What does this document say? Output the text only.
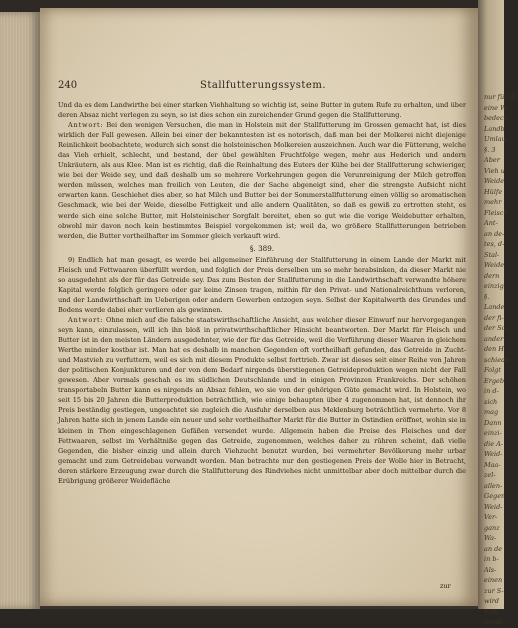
nur für ih-
eine W-
bedeck-
Landb-
Umlau-
§. 3
Aber
Vieh u-
Weide
Hülfe
mehr
Fleisch
Ant-
an de-
tes, d-
Stal-
Weide
dern
einzig
§.
Lande
der fi-
der So-
ander
den H-
schiede
Folgt
Ergeb
in d-
sich
mag
Dann
einzi-
die A-
Weid-
Maa-
zel-
allen-
Gegen
Weid-
Ver-
ganz
Wa-
an de
in b-
Als-
einen
zur S-
wird
Vieh
wend-
240	Stallfutterungssystem.

Und da es dem Landwirthe bei einer starken Viehhaltung so wichtig ist, seine Butter in gutem Rufe zu erhalten, und über deren Absaz nicht verlegen zu seyn, so ist dies schon ein zureichender Grund gegen die Stallfutterung.

Antwort: Bei den wenigen Versuchen, die man in Holstein mit der Stallfutterung im Grossen gemacht hat, ist dies wirklich der Fall gewesen. Allein bei einer der bekanntesten ist es notorisch, daß man bei der Molkerei nicht diejenige Reinlichkeit beobachtete, wodurch sich sonst die holsteinischen Molkereien auszeichnen. Auch war die Fütterung, welche das Vieh erhielt, schlecht, und bestand, der übel gewählten Fruchtfolge wegen, mehr aus Hederich und andern Unkräutern, als aus Klee. Man ist es richtig, daß die Reinhaltung des Euters der Kühe bei der Stallfutterung schwieriger, wie bei der Weide sey, und daß deshalb um so mehrere Vorkehrungen gegen die Verunreinigung der Milch getroffen werden müssen, welches man freilich von Leuten, die der Sache abgeneigt sind, eher die strengste Aufsicht nicht erwarten kann. Geschiehet dies aber, so hat Milch und Butter bei der Sommerstallfutterung einen völlig so aromatischen Geschmack, wie bei der Weide, dieselbe Fettigkeit und alle andern Qualitäten, so daß es gewiß zu ertrotten steht, es werde sich eine solche Butter, mit Holsteinischer Sorgfalt bereitet, eben so gut wie die vorige Weidebutter erhalten, obwohl mir davon noch kein bestimmtes Beispiel vorgekommen ist; weil da, wo größere Stallfutterungen betrieben werden, die Butter vortheilhafter im Sommer gleich verkauft wird.

§. 389.

9) Endlich hat man gesagt, es werde bei allgemeiner Einführung der Stallfutterung in einem Lande der Markt mit Fleisch und Fettwaaren überfüllt werden, und folglich der Preis derselben um so mehr herabsinken, da dieser Markt nie so ausgedehnt als der für das Getreide sey. Das zum Besten der Stallfutterung in die Landwirthschaft verwandte höhere Kapital werde folglich geringere oder gar keine Zinsen tragen, mithin für den Privat- und Nationalreichthum verloren, und der Landwirthschaft im Ueberigen oder andern Gewerben entzogen seyn. Selbst der Kapitalwerth des Grundes und Bodens werde dabei eher verlieren als gewinnen.

Antwort: Ohne mich auf die falsche staatswirthschaftliche Ansicht, aus welcher dieser Einwurf nur hervorgegangen seyn kann, einzulassen, will ich ihn bloß in privatwirthschaftlicher Hinsicht beantworten. Der Markt für Fleisch und Butter ist in den meisten Ländern ausgedehnter, wie der für das Getreide, weil die Verführung dieser Waaren in gleichem Werthe minder kostbar ist. Man hat es deshalb in manchen Gegenden oft vortheilhaft gefunden, das Getreide in Zucht- und Mastvieh zu verfuttern, weil es sich mit diesem Produkte selbst forttrieb. Zwar ist dieses seit einer Reihe von Jahren der politischen Konjunkturen und der von dem Bedarf nirgends überstiegenen Getreideproduktion wegen nicht der Fall gewesen. Aber vormals geschah es im südlichen Deutschlande und in einigen Provinzen Frankreichs. Der schöhen transportabeln Butter kann es nirgends an Absaz fehlen, wo sie von der gehörigen Güte gemacht wird. In Holstein, wo seit 15 bis 20 Jahren die Butterproduktion beträchtlich, wie einige behaupten über 4 zugenommen hat, ist dennoch ihr Preis beständig gestiegen, ungeachtet sie zugleich die Ausfuhr derselben aus Meklenburg beträchtlich vermehrte. Vor 8 Jahren hatte sich in jenem Lande ein neuer und sehr vortheilhafter Markt für die Butter in Ostindien eröffnet, wohin sie in kleinen in Thon eingeschlagenen Gefäßen versendet wurde. Allgemein haben die Preise des Fleisches und der Fettwaaren, selbst im Verhältniße gegen das Getreide, zugenommen, welches daher zu rühren scheint, daß vielle Gegenden, die bisher einzig und allein durch Viehzucht benutzt wurden, bei vermehrter Bevölkerung mehr urbar gemacht und zum Getreidebau verwandt worden. Man betrachte nur den gestiegenen Preis der Wolle hier in Betracht, deren stärkere Erzeugung zwar durch die Stallfutterung des Rindviehes nicht unmittelbar aber doch mittelbar durch die Erübrigung größerer Weidefläche

zur
